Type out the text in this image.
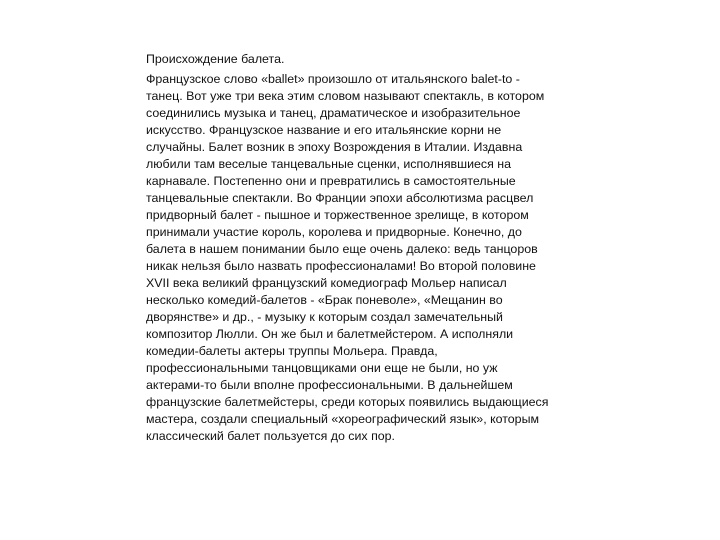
Происхождение балета.
Французское слово «ballet» произошло от итальянского balet-to -
танец. Вот уже три века этим словом называют спектакль, в котором
соединились музыка и танец, драматическое и изобразительное
искусство. Французское название и его итальянские корни не
случайны. Балет возник в эпоху Возрождения в Италии. Издавна
любили там веселые танцевальные сценки, исполнявшиеся на
карнавале. Постепенно они и превратились в самостоятельные
танцевальные спектакли. Во Франции эпохи абсолютизма расцвел
придворный балет - пышное и торжественное зрелище, в котором
принимали участие король, королева и придворные. Конечно, до
балета в нашем понимании было еще очень далеко: ведь танцоров
никак нельзя было назвать профессионалами! Во второй половине
XVII века великий французский комедиограф Мольер написал
несколько комедий-балетов - «Брак поневоле», «Мещанин во
дворянстве» и др., - музыку к которым создал замечательный
композитор Люлли. Он же был и балетмейстером. А исполняли
комедии-балеты актеры труппы Мольера. Правда,
профессиональными танцовщиками они еще не были, но уж
актерами-то были вполне профессиональными. В дальнейшем
французские балетмейстеры, среди которых появились выдающиеся
мастера, создали специальный «хореографический язык», которым
классический балет пользуется до сих пор.
